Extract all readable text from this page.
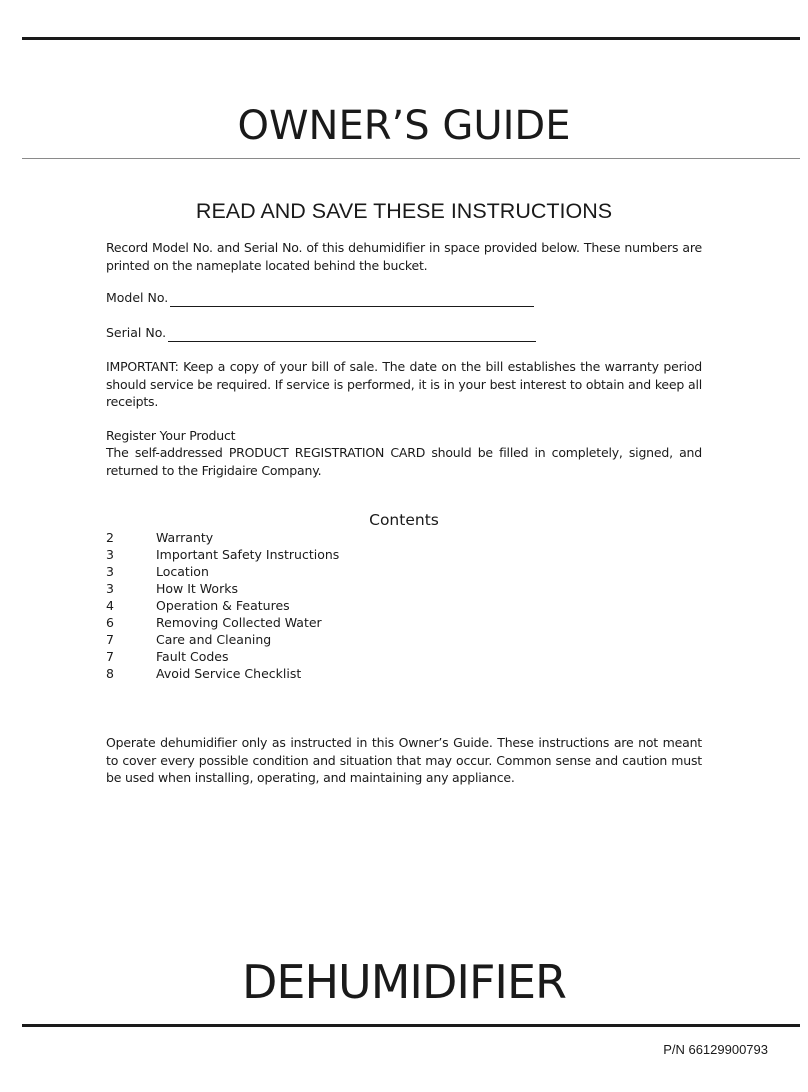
OWNER’S GUIDE
READ AND SAVE THESE INSTRUCTIONS

Record Model No. and Serial No. of this dehumidifier in space provided below. These numbers are printed on the nameplate located behind the bucket.

Model No.
Serial No.

IMPORTANT: Keep a copy of your bill of sale. The date on the bill establishes the warranty period should service be required. If service is performed, it is in your best interest to obtain and keep all receipts.

Register Your Product

The self-addressed PRODUCT REGISTRATION CARD should be filled in completely, signed, and returned to the Frigidaire Company.

Contents
2	Warranty
3	Important Safety Instructions
3	Location
3	How It Works
4	Operation & Features
6	Removing Collected Water
7	Care and Cleaning
7	Fault Codes
8	Avoid Service Checklist

Operate dehumidifier only as instructed in this Owner’s Guide. These instructions are not meant to cover every possible condition and situation that may occur. Common sense and caution must be used when installing, operating, and maintaining any appliance.

DEHUMIDIFIER
P/N 66129900793
